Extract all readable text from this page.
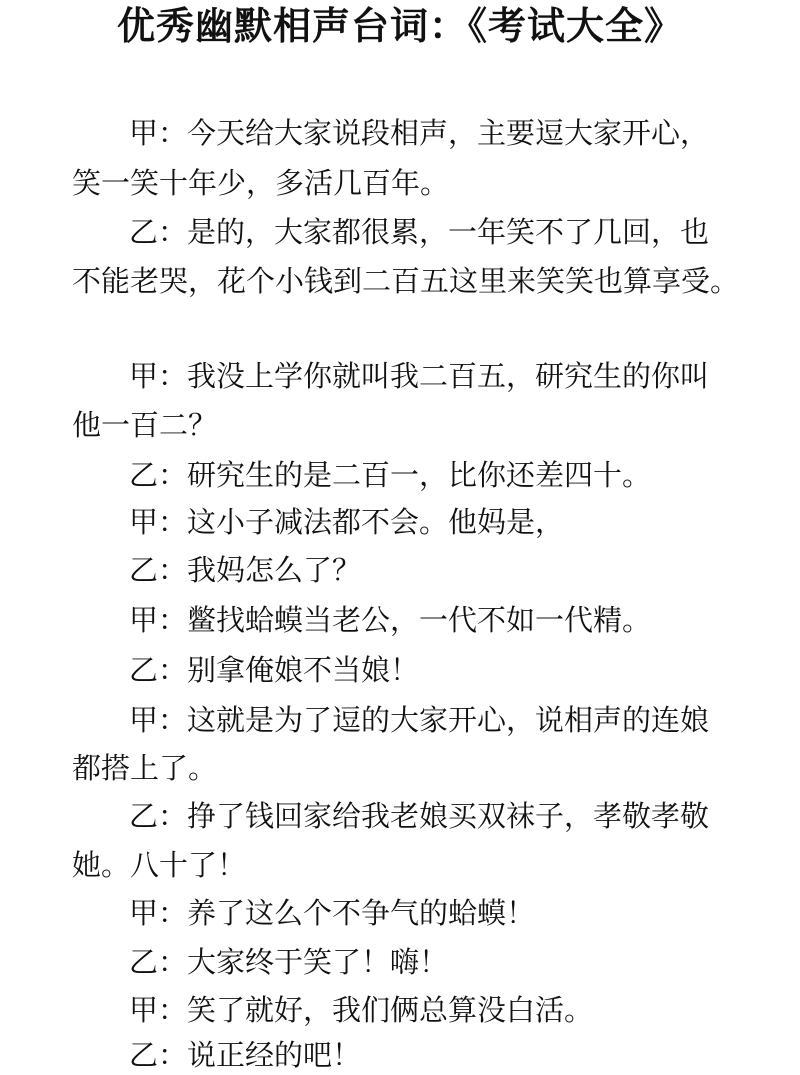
优秀幽默相声台词：《考试大全》
甲：今天给大家说段相声，主要逗大家开心，
笑一笑十年少，多活几百年。
乙：是的，大家都很累，一年笑不了几回，也
不能老哭，花个小钱到二百五这里来笑笑也算享受。
甲：我没上学你就叫我二百五，研究生的你叫
他一百二？
乙：研究生的是二百一，比你还差四十。
甲：这小子减法都不会。他妈是，
乙：我妈怎么了？
甲：鳖找蛤蟆当老公，一代不如一代精。
乙：别拿俺娘不当娘！
甲：这就是为了逗的大家开心，说相声的连娘
都搭上了。
乙：挣了钱回家给我老娘买双袜子，孝敬孝敬
她。八十了！
甲：养了这么个不争气的蛤蟆！
乙：大家终于笑了！嗨！
甲：笑了就好，我们俩总算没白活。
乙：说正经的吧！
